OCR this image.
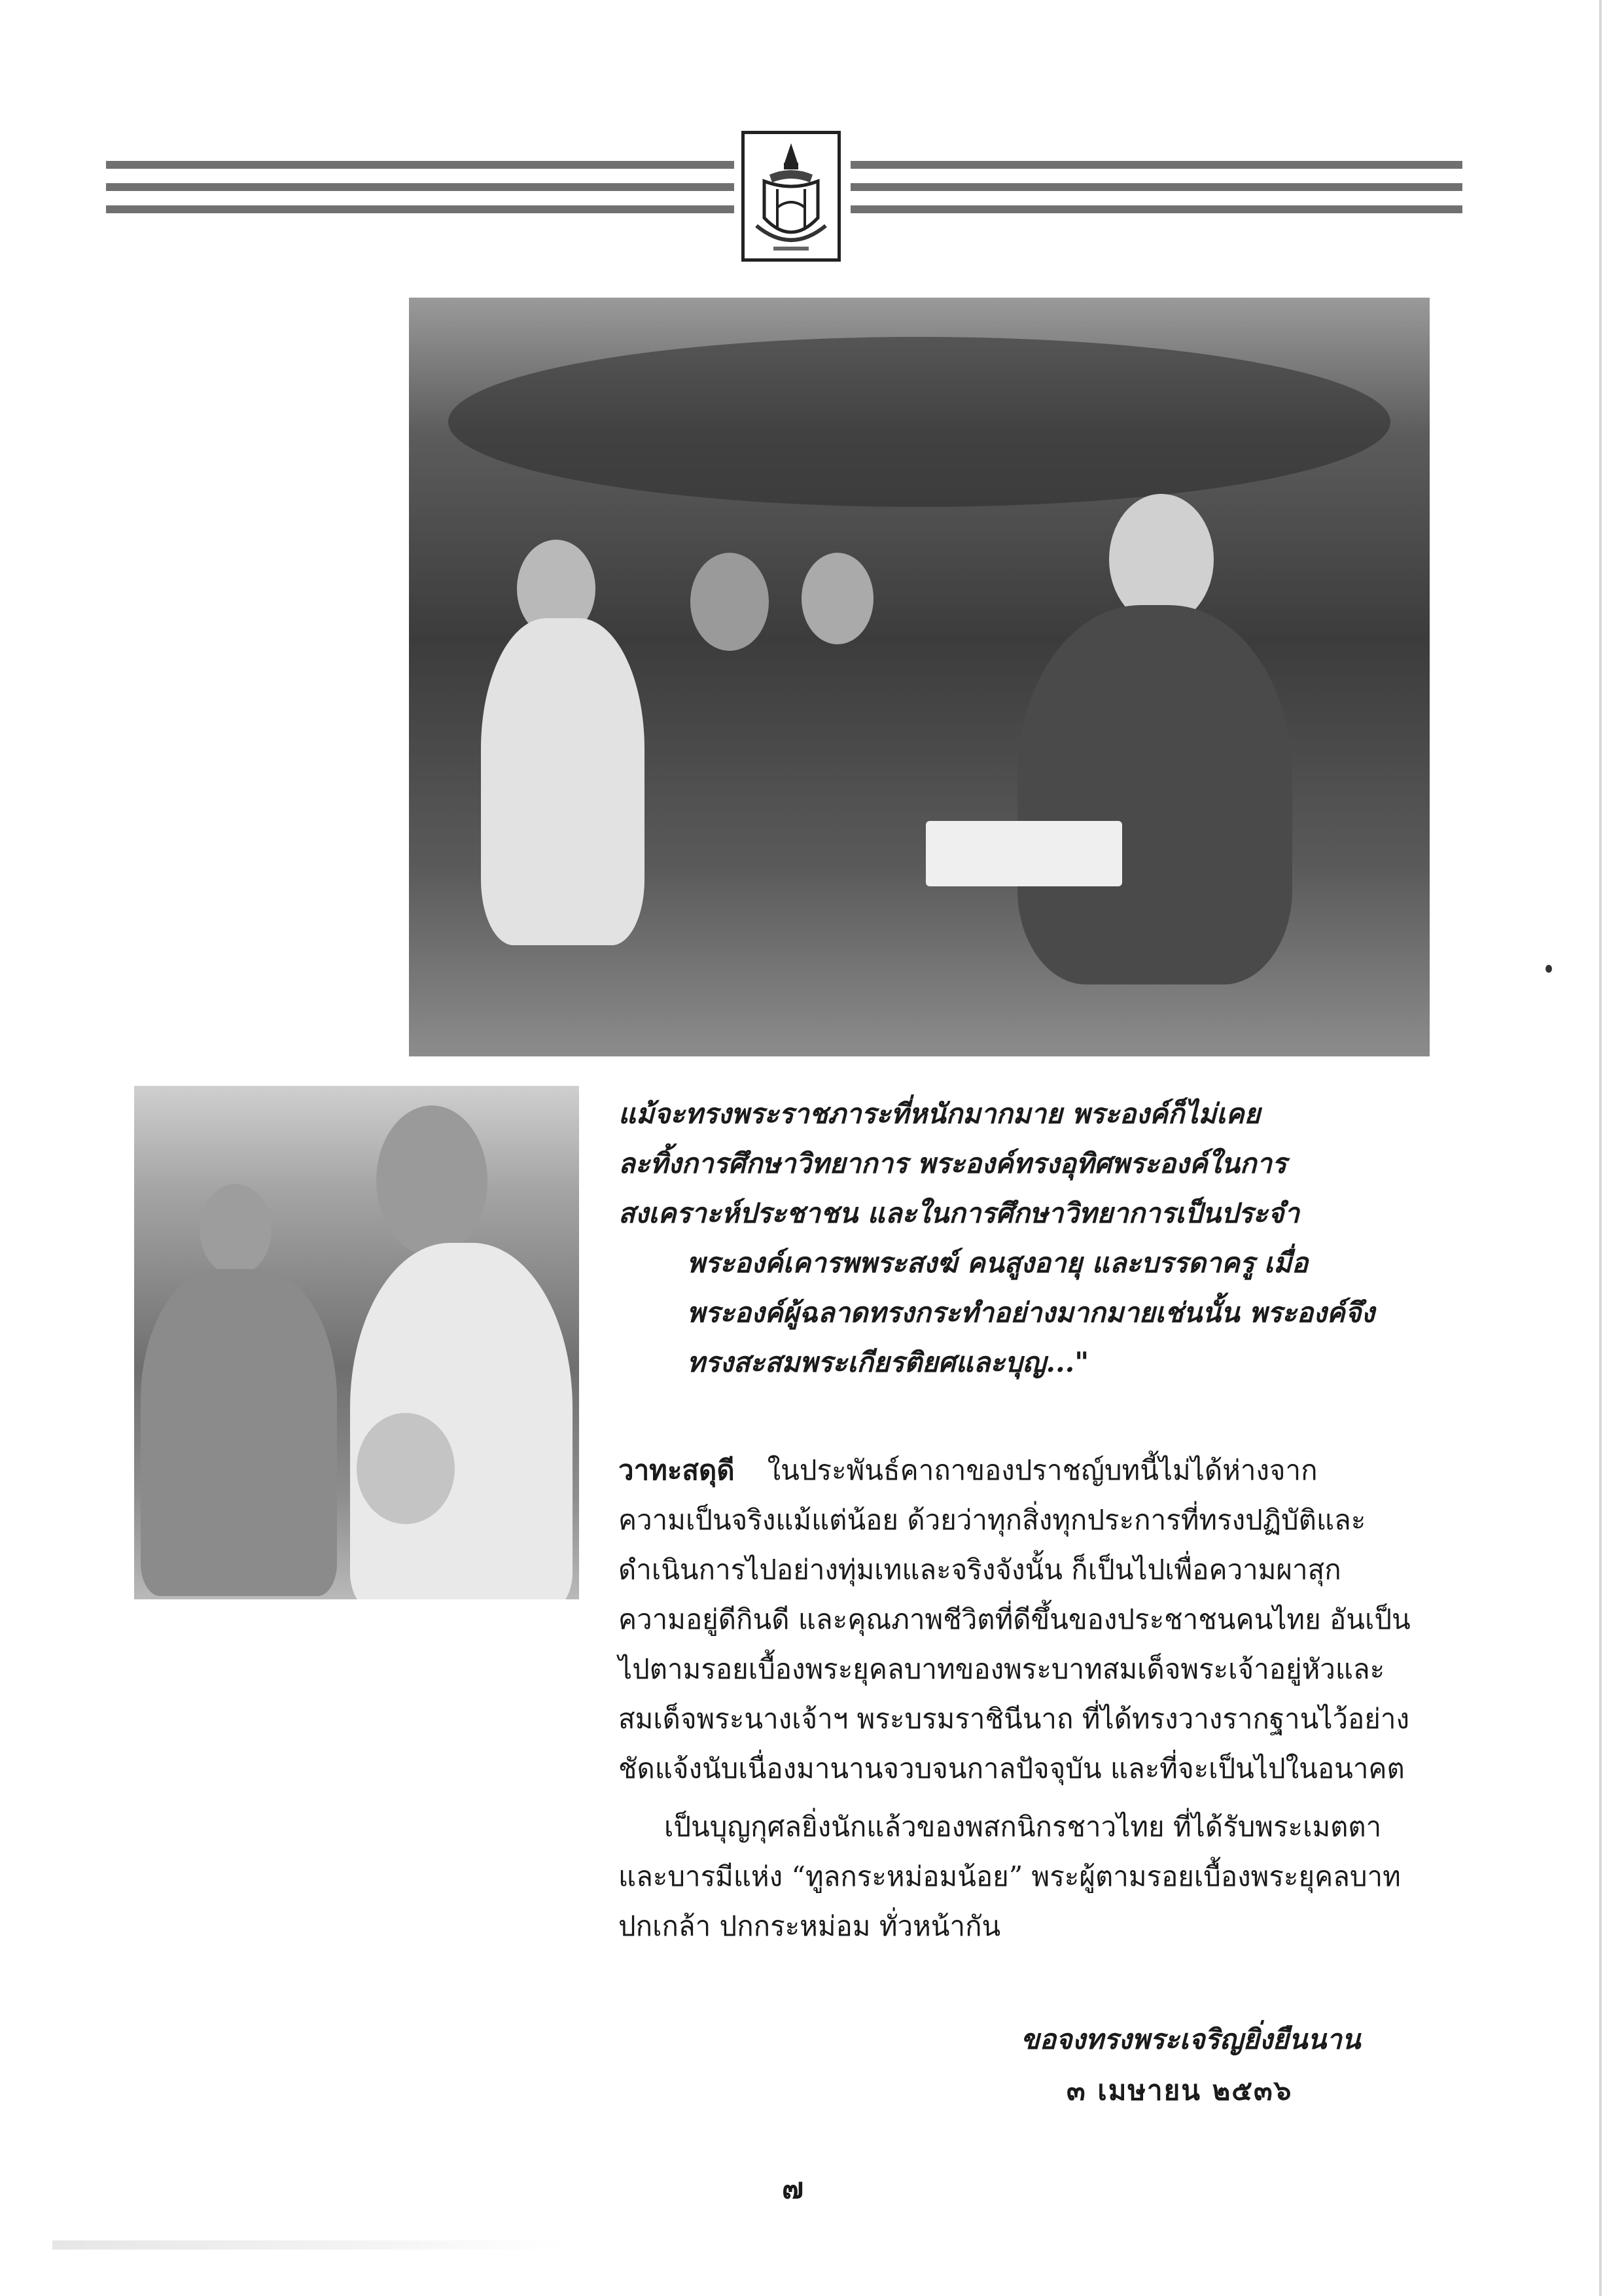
แม้จะทรงพระราชภาระที่หนักมากมาย พระองค์ก็ไม่เคย
ละทิ้งการศึกษาวิทยาการ พระองค์ทรงอุทิศพระองค์ในการ
สงเคราะห์ประชาชน และในการศึกษาวิทยาการเป็นประจำ
พระองค์เคารพพระสงฆ์ คนสูงอายุ และบรรดาครู เมื่อ
พระองค์ผู้ฉลาดทรงกระทำอย่างมากมายเช่นนั้น พระองค์จึง
ทรงสะสมพระเกียรติยศและบุญ..."

วาทะสดุดี ในประพันธ์คาถาของปราชญ์บทนี้ไม่ได้ห่างจาก
ความเป็นจริงแม้แต่น้อย ด้วยว่าทุกสิ่งทุกประการที่ทรงปฏิบัติและ
ดำเนินการไปอย่างทุ่มเทและจริงจังนั้น ก็เป็นไปเพื่อความผาสุก
ความอยู่ดีกินดี และคุณภาพชีวิตที่ดีขึ้นของประชาชนคนไทย อันเป็น
ไปตามรอยเบื้องพระยุคลบาทของพระบาทสมเด็จพระเจ้าอยู่หัวและ
สมเด็จพระนางเจ้าฯ พระบรมราชินีนาถ ที่ได้ทรงวางรากฐานไว้อย่าง
ชัดแจ้งนับเนื่องมานานจวบจนกาลปัจจุบัน และที่จะเป็นไปในอนาคต

เป็นบุญกุศลยิ่งนักแล้วของพสกนิกรชาวไทย ที่ได้รับพระเมตตา
และบารมีแห่ง “ทูลกระหม่อมน้อย” พระผู้ตามรอยเบื้องพระยุคลบาท
ปกเกล้า ปกกระหม่อม ทั่วหน้ากัน

ขอจงทรงพระเจริญยิ่งยืนนาน
๓ เมษายน ๒๕๓๖
๗
